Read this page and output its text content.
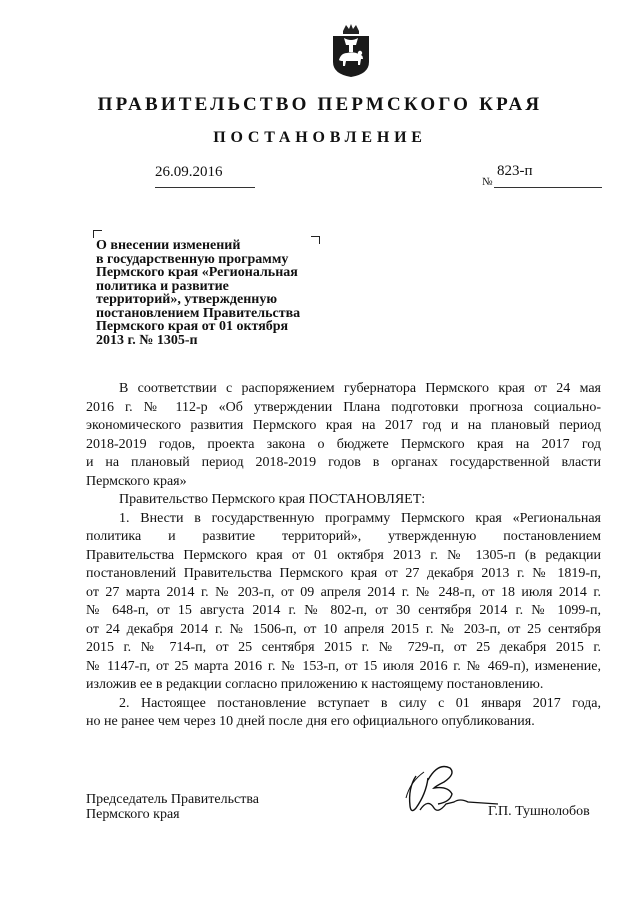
ПРАВИТЕЛЬСТВО ПЕРМСКОГО КРАЯ
ПОСТАНОВЛЕНИЕ
26.09.2016
№
823-п
О внесении изменений
в государственную программу
Пермского края «Региональная
политика и развитие
территорий», утвержденную
постановлением Правительства
Пермского края от 01 октября
2013 г. № 1305-п
В соответствии с распоряжением губернатора Пермского края от 24 мая
2016 г. № 112-р «Об утверждении Плана подготовки прогноза социально-
экономического развития Пермского края на 2017 год и на плановый период
2018-2019 годов, проекта закона о бюджете Пермского края на 2017 год
и на плановый период 2018-2019 годов в органах государственной власти
Пермского края»
Правительство Пермского края ПОСТАНОВЛЯЕТ:
1. Внести в государственную программу Пермского края «Региональная
политика и развитие территорий», утвержденную постановлением
Правительства Пермского края от 01 октября 2013 г. № 1305-п (в редакции
постановлений Правительства Пермского края от 27 декабря 2013 г. № 1819-п,
от 27 марта 2014 г. № 203-п, от 09 апреля 2014 г. № 248-п, от 18 июля 2014 г.
№ 648-п, от 15 августа 2014 г. № 802-п, от 30 сентября 2014 г. № 1099-п,
от 24 декабря 2014 г. № 1506-п, от 10 апреля 2015 г. № 203-п, от 25 сентября
2015 г. № 714-п, от 25 сентября 2015 г. № 729-п, от 25 декабря 2015 г.
№ 1147-п, от 25 марта 2016 г. № 153-п, от 15 июля 2016 г. № 469-п), изменение,
изложив ее в редакции согласно приложению к настоящему постановлению.
2. Настоящее постановление вступает в силу с 01 января 2017 года,
но не ранее чем через 10 дней после дня его официального опубликования.
Председатель Правительства
Пермского края	Г.П. Тушнолобов
